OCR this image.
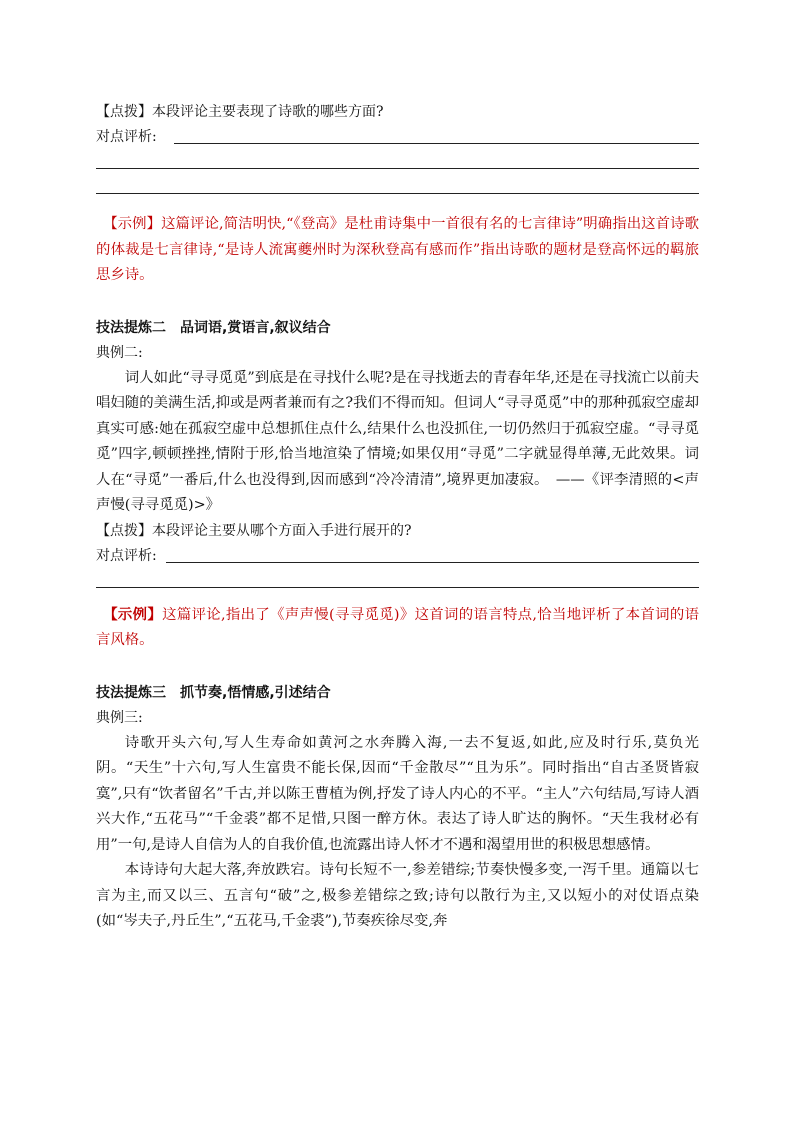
【点拨】本段评论主要表现了诗歌的哪些方面?
对点评析:

【示例】这篇评论,简洁明快,“《登高》是杜甫诗集中一首很有名的七言律诗”明确指出这首诗歌的体裁是七言律诗,“是诗人流寓夔州时为深秋登高有感而作”指出诗歌的题材是登高怀远的羁旅思乡诗。

技法提炼二　品词语,赏语言,叙议结合
典例二:

词人如此“寻寻觅觅”到底是在寻找什么呢?是在寻找逝去的青春年华,还是在寻找流亡以前夫唱妇随的美满生活,抑或是两者兼而有之?我们不得而知。但词人“寻寻觅觅”中的那种孤寂空虚却真实可感:她在孤寂空虚中总想抓住点什么,结果什么也没抓住,一切仍然归于孤寂空虚。“寻寻觅觅”四字,顿顿挫挫,情附于形,恰当地渲染了情境;如果仅用“寻觅”二字就显得单薄,无此效果。词人在“寻觅”一番后,什么也没得到,因而感到“冷冷清清”,境界更加凄寂。　——《评李清照的<声声慢(寻寻觅觅)>》

【点拨】本段评论主要从哪个方面入手进行展开的?
对点评析:

【示例】这篇评论,指出了《声声慢(寻寻觅觅)》这首词的语言特点,恰当地评析了本首词的语言风格。

技法提炼三　抓节奏,悟情感,引述结合
典例三:

诗歌开头六句,写人生寿命如黄河之水奔腾入海,一去不复返,如此,应及时行乐,莫负光阴。“天生”十六句,写人生富贵不能长保,因而“千金散尽”“且为乐”。同时指出“自古圣贤皆寂寞”,只有“饮者留名”千古,并以陈王曹植为例,抒发了诗人内心的不平。“主人”六句结局,写诗人酒兴大作,“五花马”“千金裘”都不足惜,只图一醉方休。表达了诗人旷达的胸怀。“天生我材必有用”一句,是诗人自信为人的自我价值,也流露出诗人怀才不遇和渴望用世的积极思想感情。

本诗诗句大起大落,奔放跌宕。诗句长短不一,参差错综;节奏快慢多变,一泻千里。通篇以七言为主,而又以三、五言句“破”之,极参差错综之致;诗句以散行为主,又以短小的对仗语点染(如“岑夫子,丹丘生”,“五花马,千金裘”),节奏疾徐尽变,奔
